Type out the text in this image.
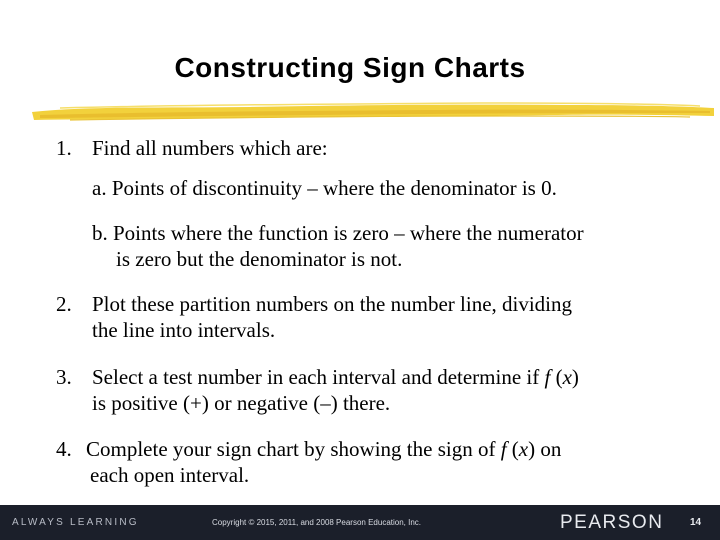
Constructing Sign Charts
1. Find all numbers which are:
a. Points of discontinuity – where the denominator is 0.
b. Points where the function is zero – where the numerator
is zero but the denominator is not.
2. Plot these partition numbers on the number line, dividing
the line into intervals.
3. Select a test number in each interval and determine if f (x)
is positive (+) or negative (–) there.
4. Complete your sign chart by showing the sign of f (x) on
each open interval.
ALWAYS LEARNING	Copyright © 2015, 2011, and 2008 Pearson Education, Inc.	PEARSON	14
